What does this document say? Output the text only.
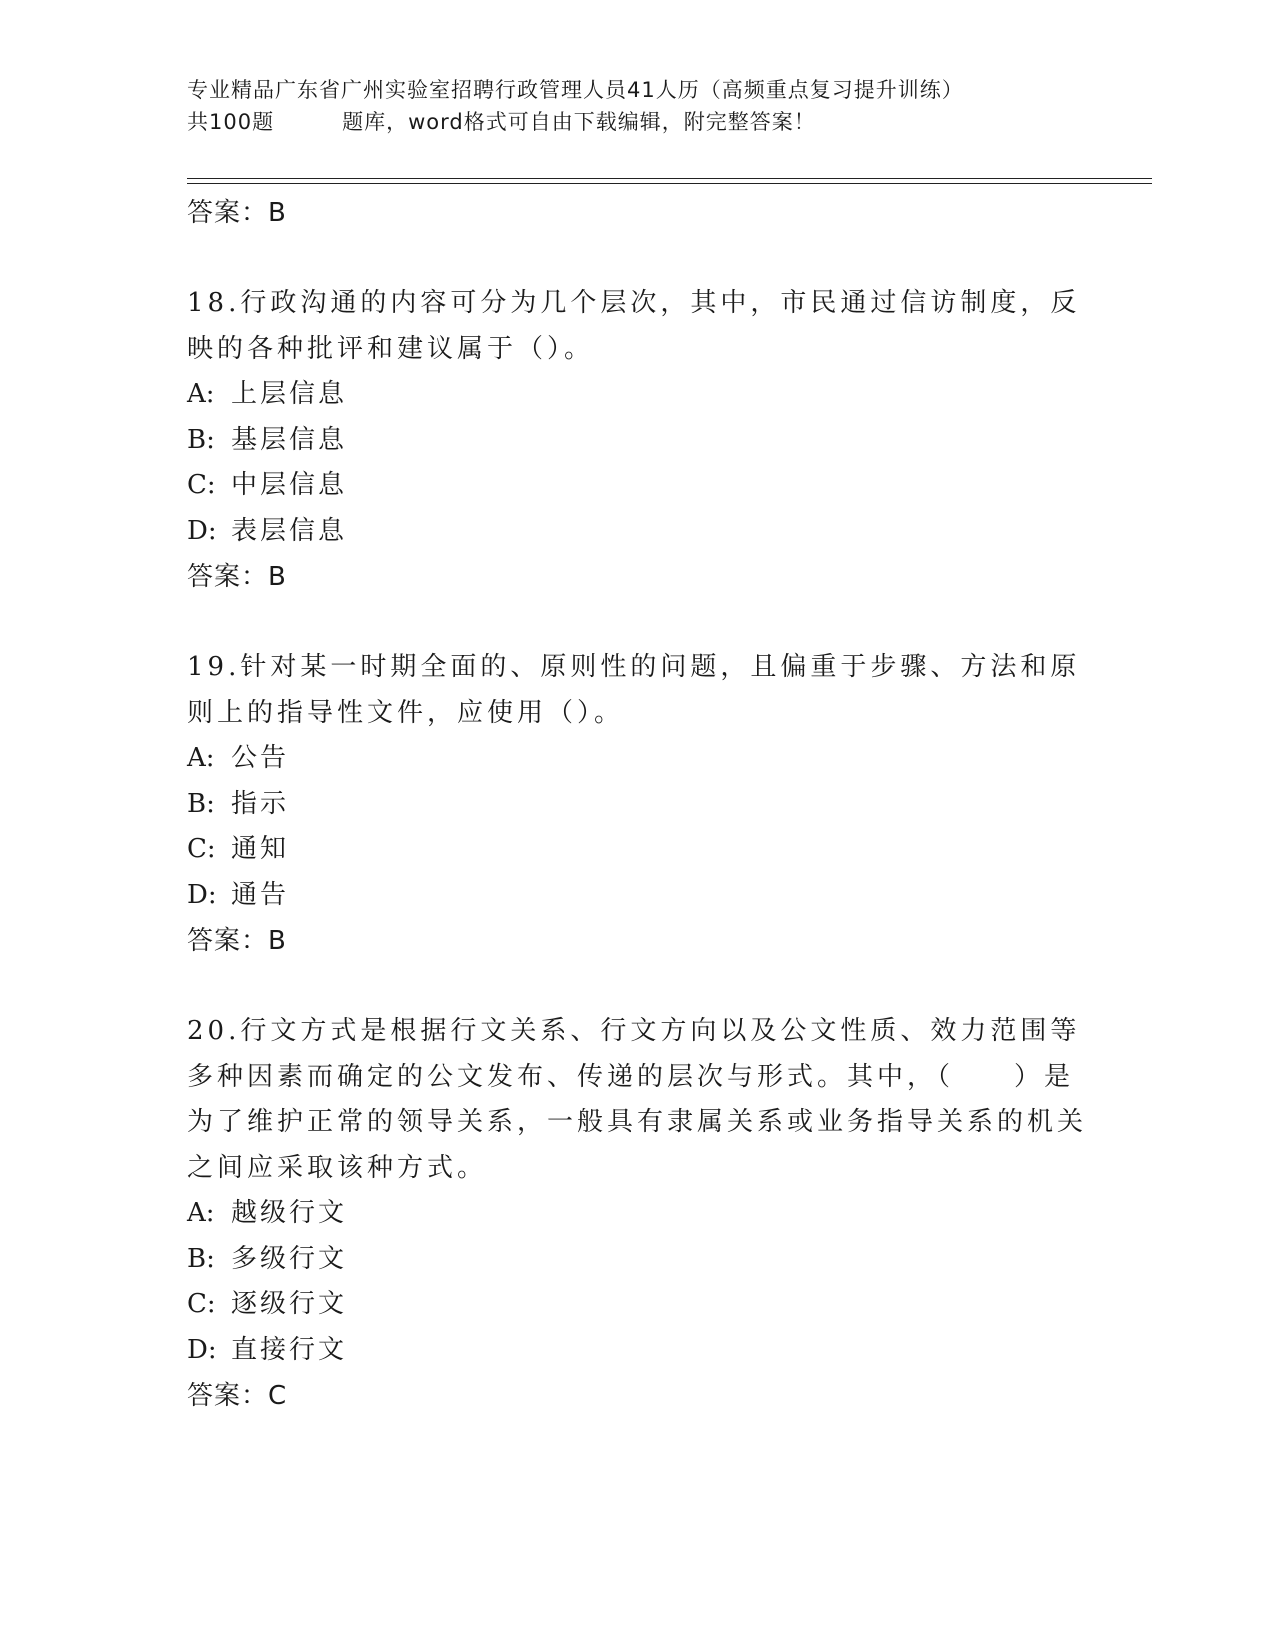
专业精品广东省广州实验室招聘行政管理人员41人历（高频重点复习提升训练）
共100题	题库，word格式可自由下载编辑，附完整答案！
答案：B
18.行政沟通的内容可分为几个层次，其中，市民通过信访制度，反映的各种批评和建议属于（）。
A: 上层信息
B: 基层信息
C: 中层信息
D: 表层信息
答案：B
19.针对某一时期全面的、原则性的问题，且偏重于步骤、方法和原则上的指导性文件，应使用（）。
A: 公告
B: 指示
C: 通知
D: 通告
答案：B
20.行文方式是根据行文关系、行文方向以及公文性质、效力范围等多种因素而确定的公文发布、传递的层次与形式。其中，（　　）是为了维护正常的领导关系，一般具有隶属关系或业务指导关系的机关之间应采取该种方式。
A: 越级行文
B: 多级行文
C: 逐级行文
D: 直接行文
答案：C
